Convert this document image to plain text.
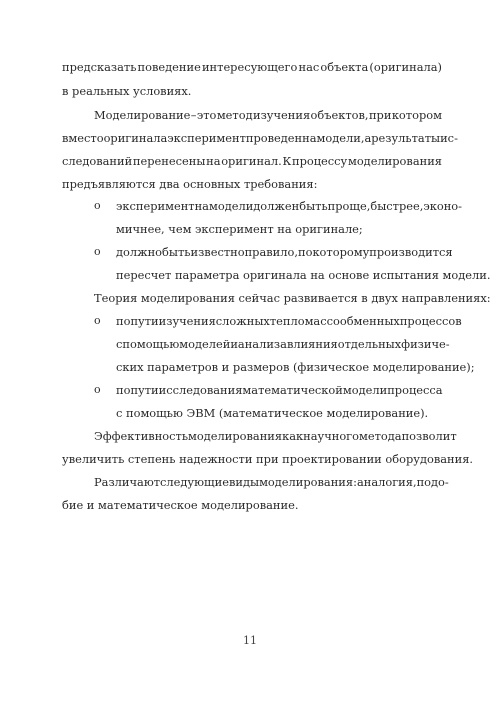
предсказать поведение интересующего нас объекта (оригинала)
в реальных условиях.
Моделирование – это метод изучения объектов, при котором
вместо оригинала эксперимент проведен на модели, а результаты ис-
следований перенесены на оригинал. К процессу моделирования
предъявляются два основных требования:
o эксперимент на модели должен быть проще, быстрее, эконо-
мичнее, чем эксперимент на оригинале;
o должно быть известно правило, по которому производится
пересчет параметра оригинала на основе испытания модели.
Теория моделирования сейчас развивается в двух направлениях:
o по пути изучения сложных тепломассообменных процессов
с помощью моделей и анализа влияния отдельных физиче-
ских параметров и размеров (физическое моделирование);
o по пути исследования математической модели процесса
с помощью ЭВМ (математическое моделирование).
Эффективность моделирования как научного метода позволит
увеличить степень надежности при проектировании оборудования.
Различают следующие виды моделирования: аналогия, подо-
бие и математическое моделирование.
11
